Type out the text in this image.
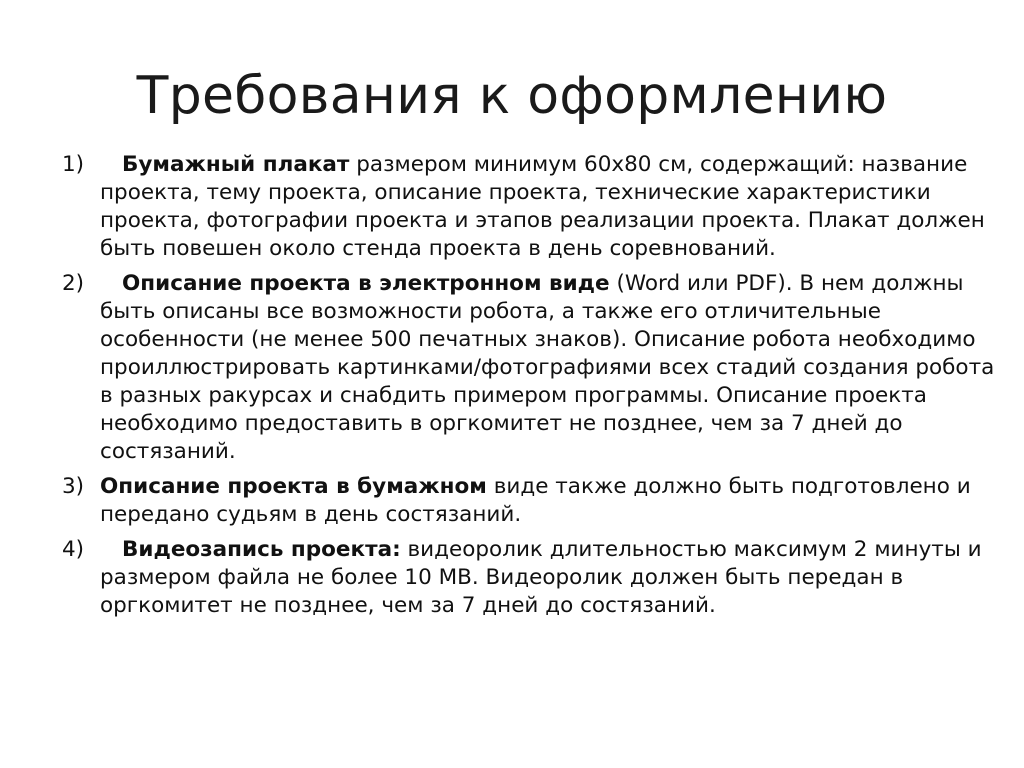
Требования к оформлению
1) Бумажный плакат размером минимум 60х80 см, содержащий: название проекта, тему проекта, описание проекта, технические характеристики проекта, фотографии проекта и этапов реализации проекта. Плакат должен быть повешен около стенда проекта в день соревнований.
2) Описание проекта в электронном виде (Word или PDF). В нем должны быть описаны все возможности робота, а также его отличительные особенности (не менее 500 печатных знаков). Описание робота необходимо проиллюстрировать картинками/фотографиями всех стадий создания робота в разных ракурсах и снабдить примером программы. Описание проекта необходимо предоставить в оргкомитет не позднее, чем за 7 дней до состязаний.
3) Описание проекта в бумажном виде также должно быть подготовлено и передано судьям в день состязаний.
4) Видеозапись проекта: видеоролик длительностью максимум 2 минуты и размером файла не более 10 MB. Видеоролик должен быть передан в оргкомитет не позднее, чем за 7 дней до состязаний.
